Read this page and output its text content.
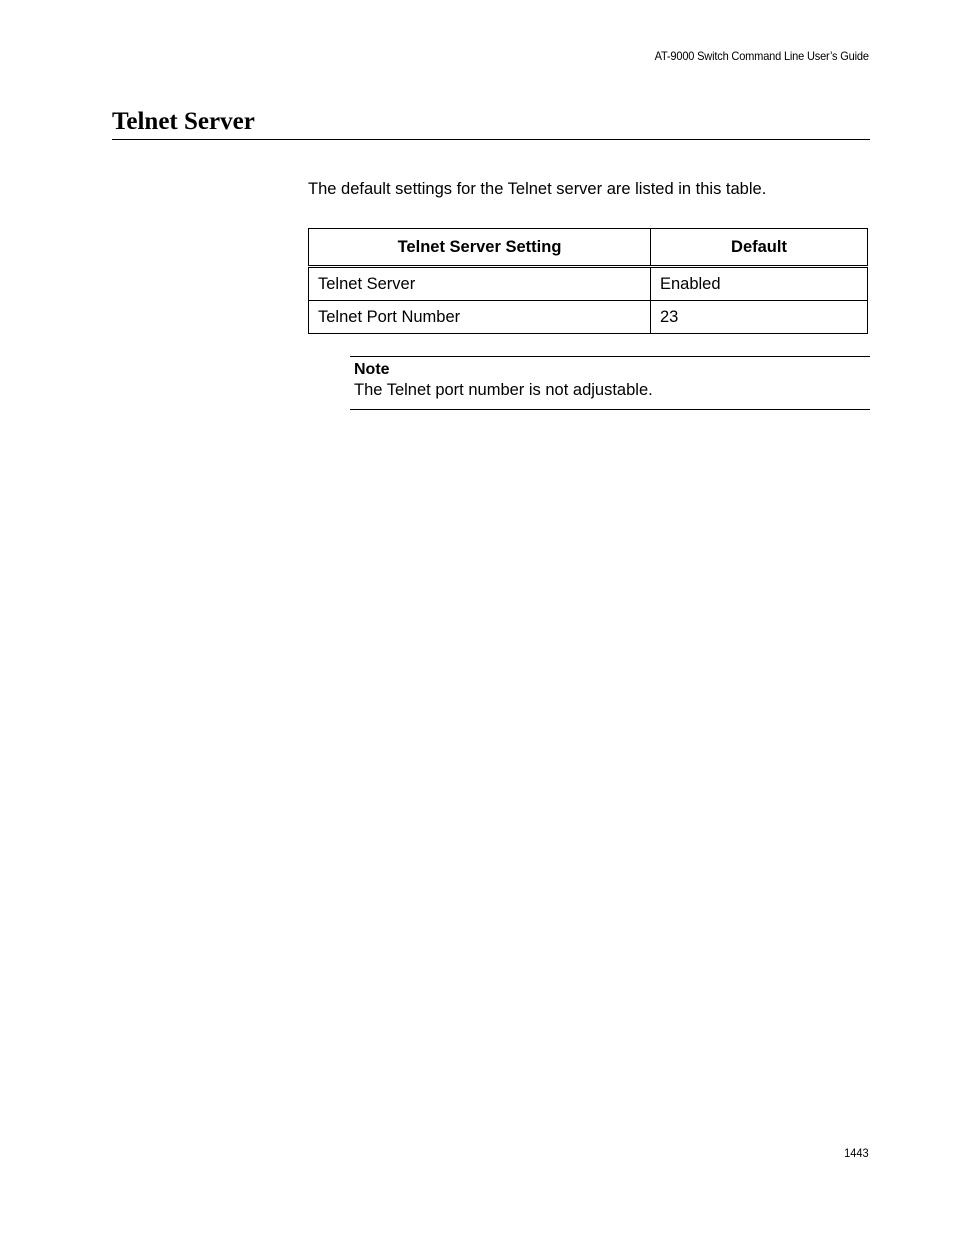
AT-9000 Switch Command Line User’s Guide
Telnet Server

The default settings for the Telnet server are listed in this table.

Telnet Server Setting	Default
Telnet Server	Enabled
Telnet Port Number	23
Note
The Telnet port number is not adjustable.
1443
